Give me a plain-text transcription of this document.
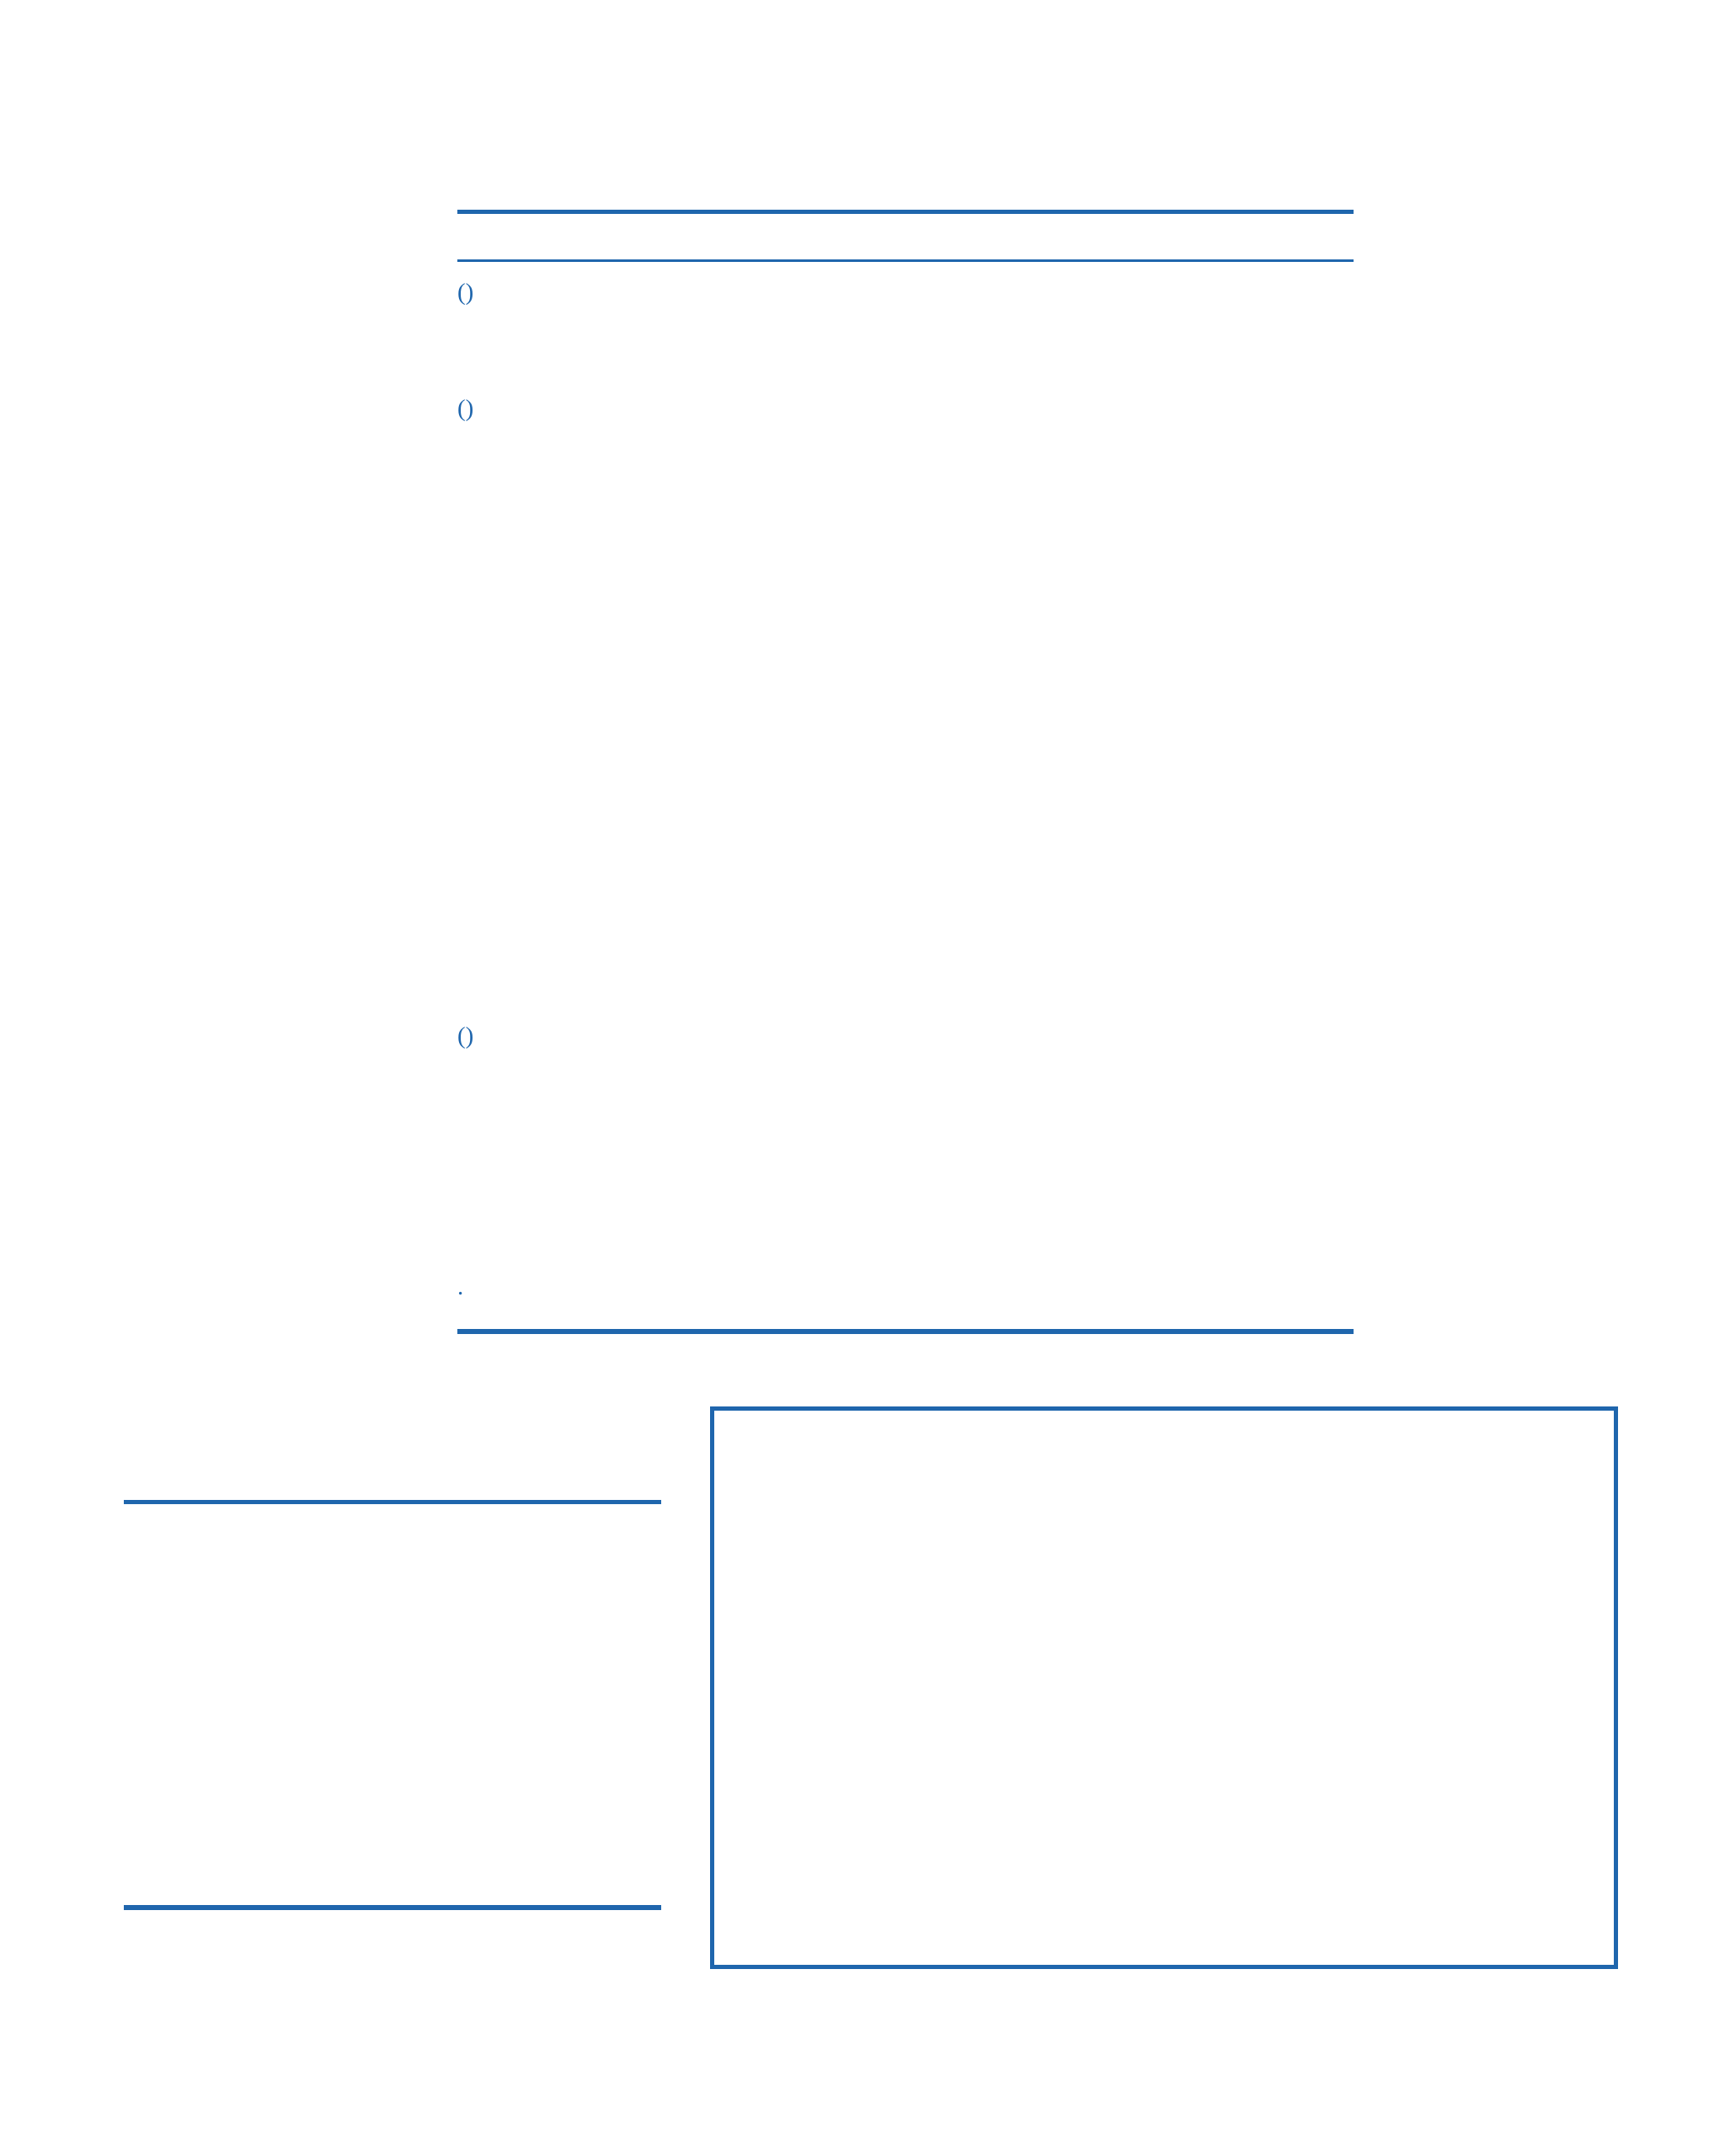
()
()
()
.
